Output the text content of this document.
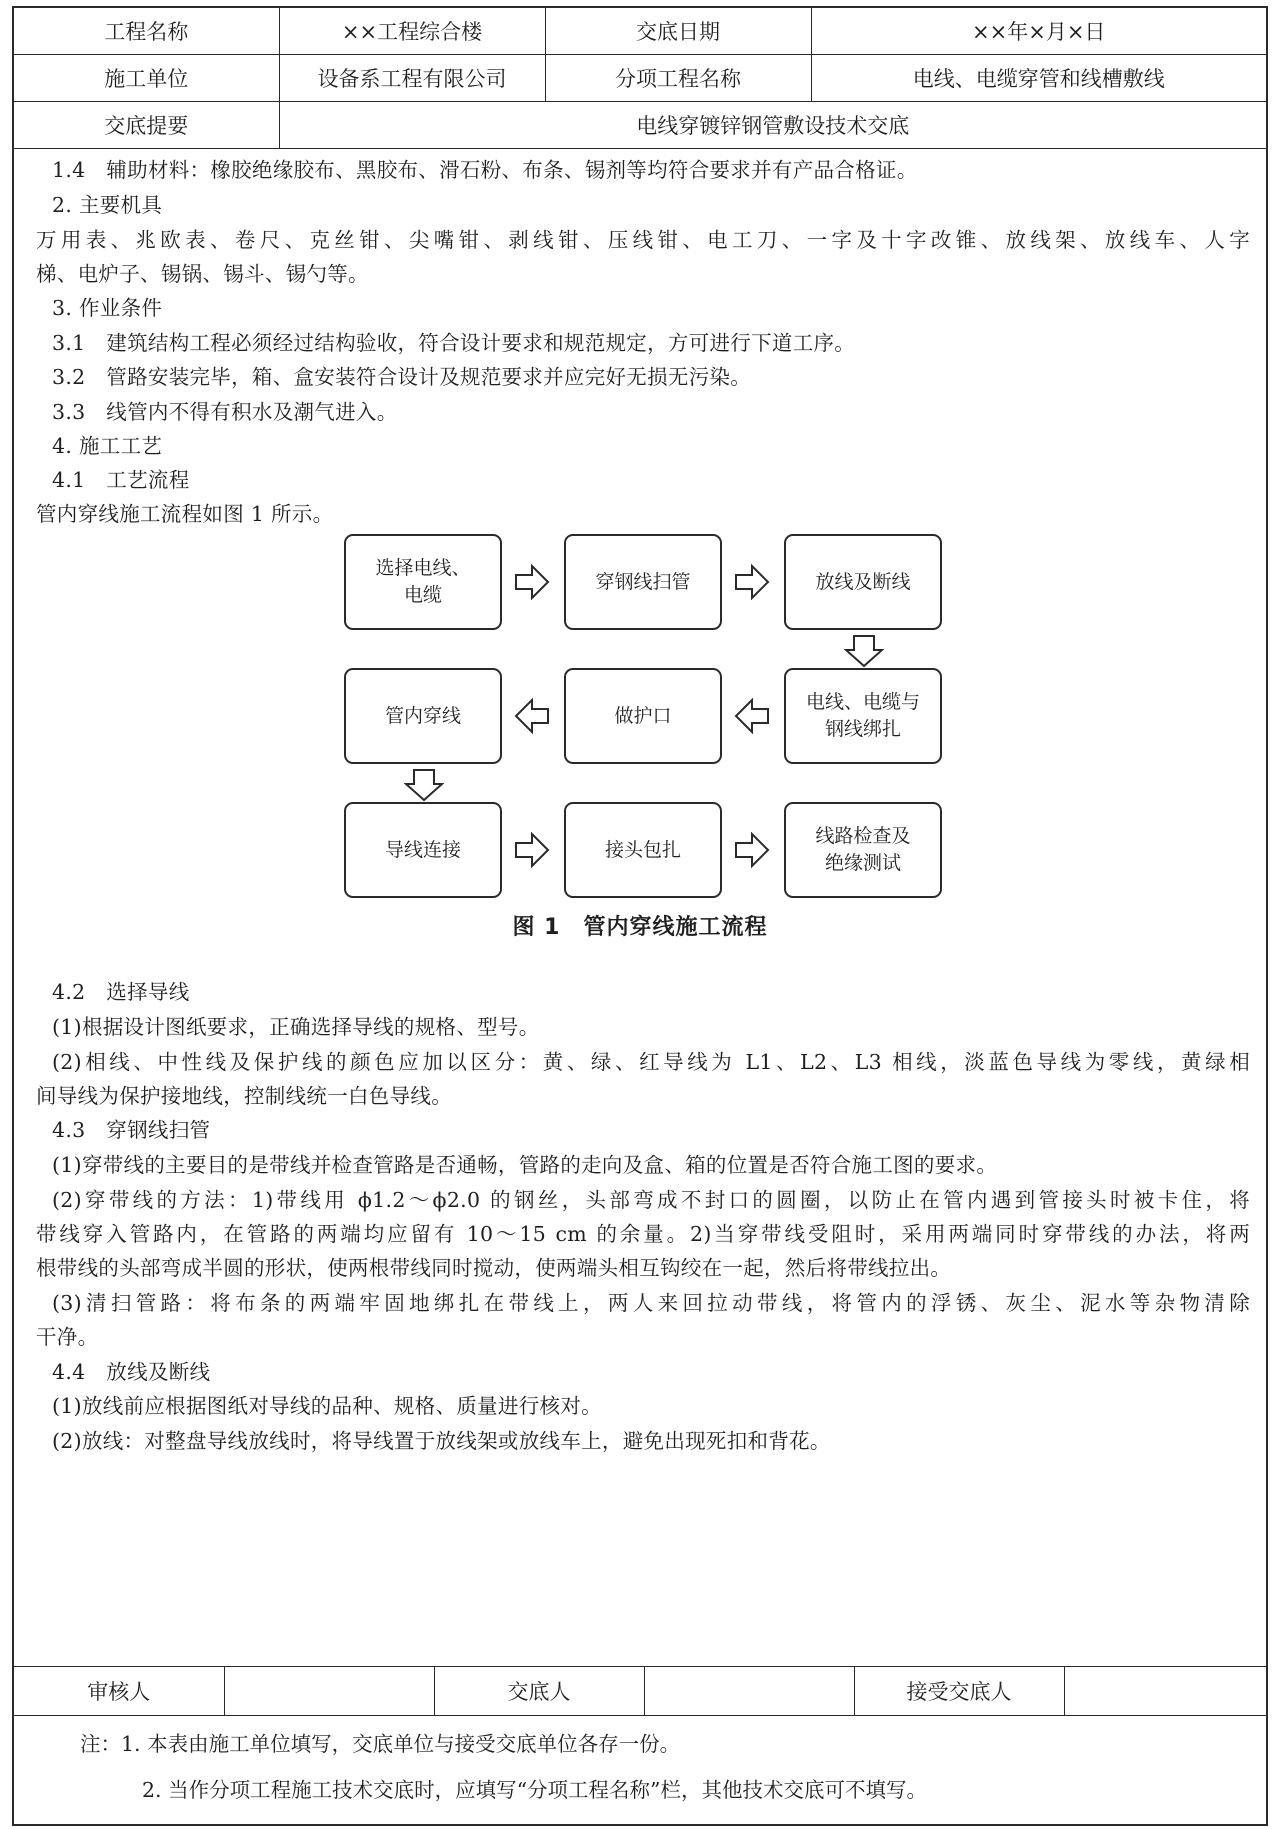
工程名称	××工程综合楼	交底日期	××年×月×日
施工单位	设备系工程有限公司	分项工程名称	电线、电缆穿管和线槽敷线
交底提要	电线穿镀锌钢管敷设技术交底		
1.4　辅助材料：橡胶绝缘胶布、黑胶布、滑石粉、布条、锡剂等均符合要求并有产品合格证。
2. 主要机具
万用表、兆欧表、卷尺、克丝钳、尖嘴钳、剥线钳、压线钳、电工刀、一字及十字改锥、放线架、放线车、人字
梯、电炉子、锡锅、锡斗、锡勺等。
3. 作业条件
3.1　建筑结构工程必须经过结构验收，符合设计要求和规范规定，方可进行下道工序。
3.2　管路安装完毕，箱、盒安装符合设计及规范要求并应完好无损无污染。
3.3　线管内不得有积水及潮气进入。
4. 施工工艺
4.1　工艺流程
管内穿线施工流程如图 1 所示。
选择电线、
电缆
穿钢线扫管	放线及断线
电线、电缆与
钢线绑扎
做护口
管内穿线
导线连接	接头包扎
线路检查及
绝缘测试
图 1　管内穿线施工流程
4.2　选择导线
(1)根据设计图纸要求，正确选择导线的规格、型号。
(2)相线、中性线及保护线的颜色应加以区分：黄、绿、红导线为 L1、L2、L3 相线，淡蓝色导线为零线，黄绿相
间导线为保护接地线，控制线统一白色导线。
4.3　穿钢线扫管
(1)穿带线的主要目的是带线并检查管路是否通畅，管路的走向及盒、箱的位置是否符合施工图的要求。
(2)穿带线的方法：1)带线用 ϕ1.2～ϕ2.0 的钢丝，头部弯成不封口的圆圈，以防止在管内遇到管接头时被卡住，将
带线穿入管路内，在管路的两端均应留有 10～15 cm 的余量。2)当穿带线受阻时，采用两端同时穿带线的办法，将两
根带线的头部弯成半圆的形状，使两根带线同时搅动，使两端头相互钩绞在一起，然后将带线拉出。
(3)清扫管路：将布条的两端牢固地绑扎在带线上，两人来回拉动带线，将管内的浮锈、灰尘、泥水等杂物清除
干净。
4.4　放线及断线
(1)放线前应根据图纸对导线的品种、规格、质量进行核对。
(2)放线：对整盘导线放线时，将导线置于放线架或放线车上，避免出现死扣和背花。
审核人		交底人		接受交底人	
注：1. 本表由施工单位填写，交底单位与接受交底单位各存一份。
2. 当作分项工程施工技术交底时，应填写“分项工程名称”栏，其他技术交底可不填写。
